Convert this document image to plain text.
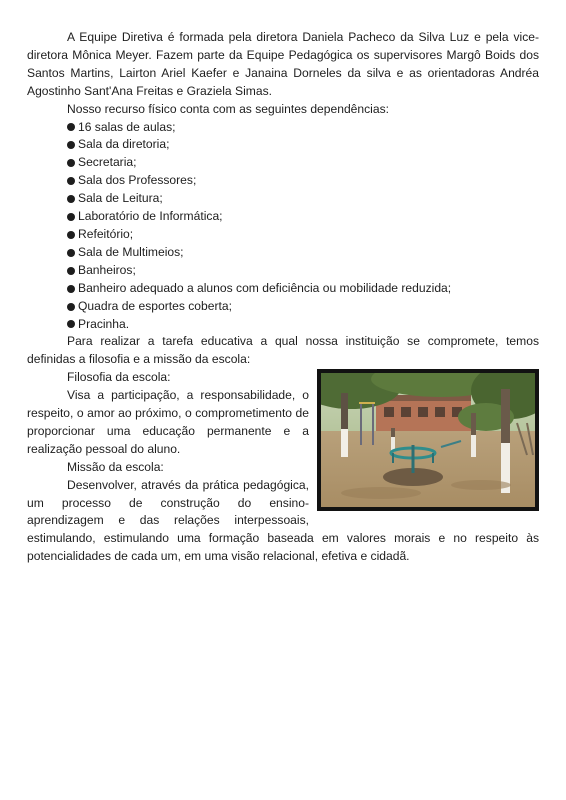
A Equipe Diretiva é formada pela diretora Daniela Pacheco da Silva Luz e pela vice-diretora Mônica Meyer. Fazem parte da Equipe Pedagógica os supervisores Margô Boids dos Santos Martins, Lairton Ariel Kaefer e Janaina Dorneles da silva e as orientadoras Andréa Agostinho Sant'Ana Freitas e Graziela Simas.

Nosso recurso físico conta com as seguintes dependências:

16 salas de aulas;
Sala da diretoria;
Secretaria;
Sala dos Professores;
Sala de Leitura;
Laboratório de Informática;
Refeitório;
Sala de Multimeios;
Banheiros;
Banheiro adequado a alunos com deficiência ou mobilidade reduzida;
Quadra de esportes coberta;
Pracinha.

Para realizar a tarefa educativa a qual nossa instituição se compromete, temos definidas a filosofia e a missão da escola:

Filosofia da escola:

Visa a participação, a responsabilidade, o respeito, o amor ao próximo, o comprometimento de proporcionar uma educação permanente e a realização pessoal do aluno.

Missão da escola:

Desenvolver, através da prática pedagógica, um processo de construção do ensino-aprendizagem e das relações interpessoais, estimulando, estimulando uma formação baseada em valores morais e no respeito às potencialidades de cada um, em uma visão relacional, efetiva e cidadã.
